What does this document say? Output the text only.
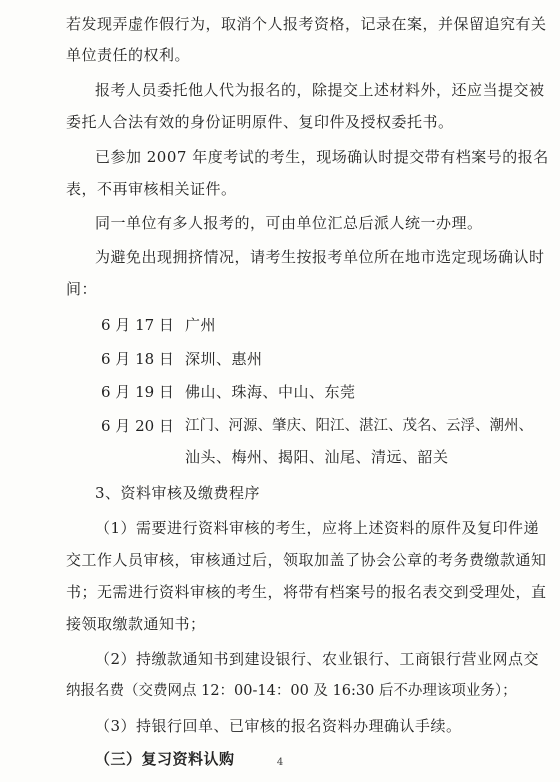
若发现弄虚作假行为，取消个人报考资格，记录在案，并保留追究有关
单位责任的权利。
报考人员委托他人代为报名的，除提交上述材料外，还应当提交被
委托人合法有效的身份证明原件、复印件及授权委托书。
已参加 2007 年度考试的考生，现场确认时提交带有档案号的报名
表，不再审核相关证件。
同一单位有多人报考的，可由单位汇总后派人统一办理。
为避免出现拥挤情况，请考生按报考单位所在地市选定现场确认时
间：
6 月 17 日 广州
6 月 18 日 深圳、惠州
6 月 19 日 佛山、珠海、中山、东莞
6 月 20 日 江门、河源、肇庆、阳江、湛江、茂名、云浮、潮州、
汕头、梅州、揭阳、汕尾、清远、韶关
3、资料审核及缴费程序
（1）需要进行资料审核的考生，应将上述资料的原件及复印件递
交工作人员审核，审核通过后，领取加盖了协会公章的考务费缴款通知
书；无需进行资料审核的考生，将带有档案号的报名表交到受理处，直
接领取缴款通知书；
（2）持缴款通知书到建设银行、农业银行、工商银行营业网点交
纳报名费（交费网点 12：00-14：00 及 16:30 后不办理该项业务）；
（3）持银行回单、已审核的报名资料办理确认手续。
（三）复习资料认购	4
